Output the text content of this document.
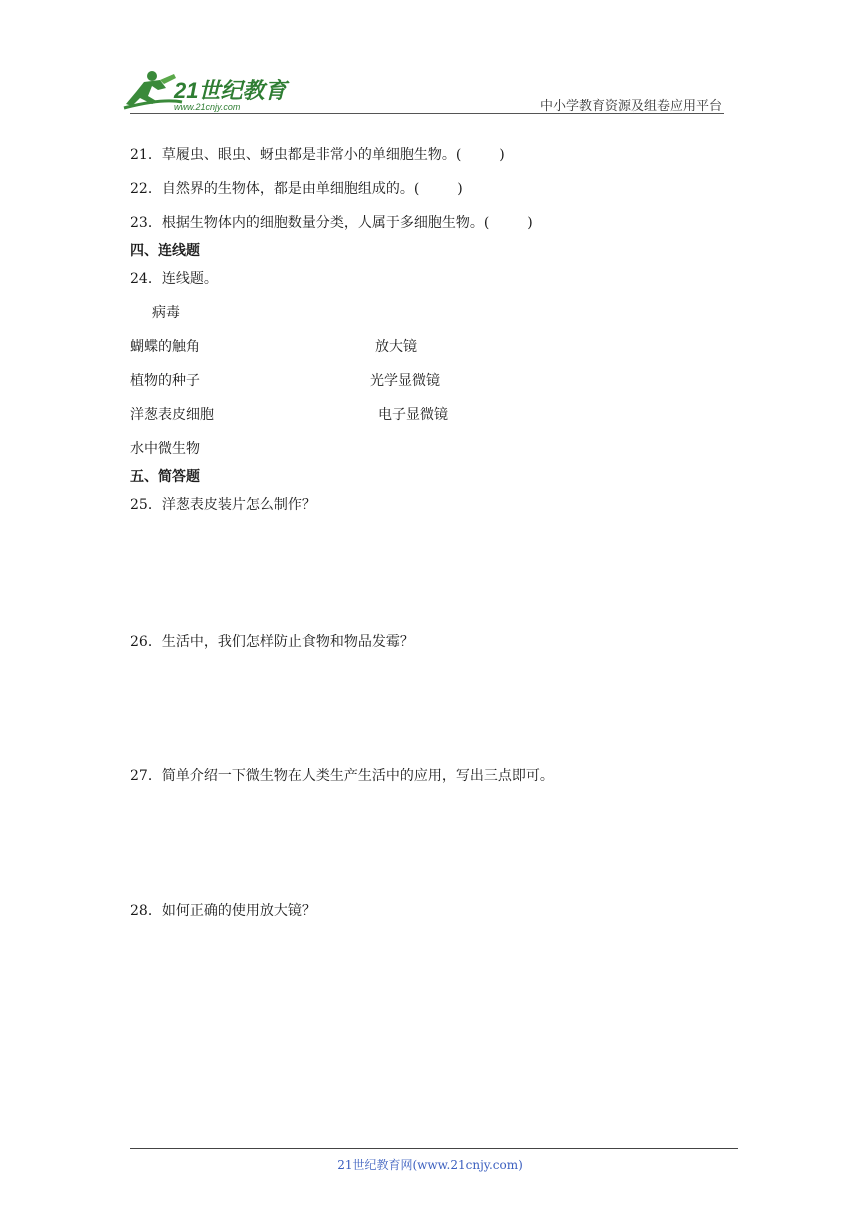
21世纪教育
www.21cnjy.com	中小学教育资源及组卷应用平台
21．草履虫、眼虫、蚜虫都是非常小的单细胞生物。(	)
22．自然界的生物体，都是由单细胞组成的。(	)
23．根据生物体内的细胞数量分类，人属于多细胞生物。(	)
四、连线题
24．连线题。
病毒
蝴蝶的触角
植物的种子
洋葱表皮细胞
水中微生物
放大镜
光学显微镜
电子显微镜
五、简答题
25．洋葱表皮装片怎么制作？
26．生活中，我们怎样防止食物和物品发霉？
27．简单介绍一下微生物在人类生产生活中的应用，写出三点即可。
28．如何正确的使用放大镜？
21世纪教育网(www.21cnjy.com)
